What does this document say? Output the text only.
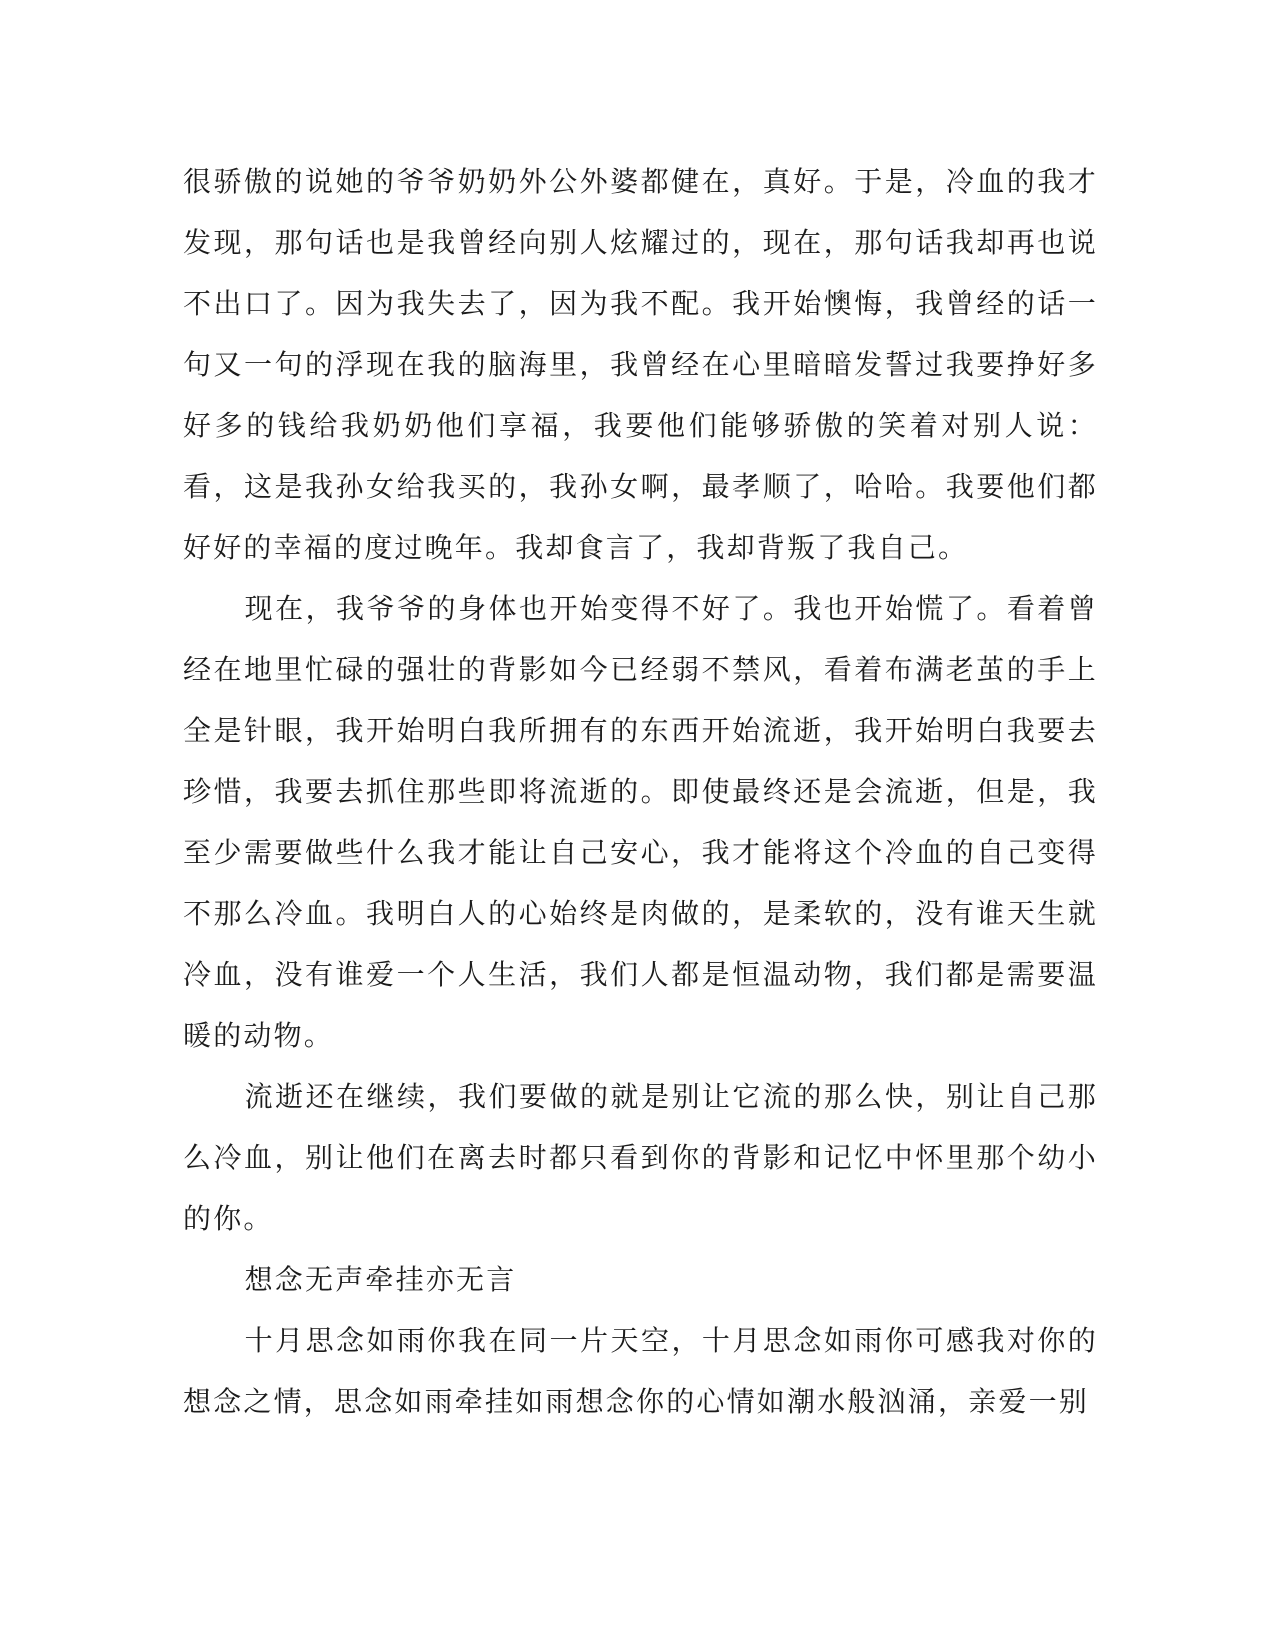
很骄傲的说她的爷爷奶奶外公外婆都健在，真好。于是，冷血的我才发现，那句话也是我曾经向别人炫耀过的，现在，那句话我却再也说不出口了。因为我失去了，因为我不配。我开始懊悔，我曾经的话一句又一句的浮现在我的脑海里，我曾经在心里暗暗发誓过我要挣好多好多的钱给我奶奶他们享福，我要他们能够骄傲的笑着对别人说：看，这是我孙女给我买的，我孙女啊，最孝顺了，哈哈。我要他们都好好的幸福的度过晚年。我却食言了，我却背叛了我自己。

现在，我爷爷的身体也开始变得不好了。我也开始慌了。看着曾经在地里忙碌的强壮的背影如今已经弱不禁风，看着布满老茧的手上全是针眼，我开始明白我所拥有的东西开始流逝，我开始明白我要去珍惜，我要去抓住那些即将流逝的。即使最终还是会流逝，但是，我至少需要做些什么我才能让自己安心，我才能将这个冷血的自己变得不那么冷血。我明白人的心始终是肉做的，是柔软的，没有谁天生就冷血，没有谁爱一个人生活，我们人都是恒温动物，我们都是需要温暖的动物。

流逝还在继续，我们要做的就是别让它流的那么快，别让自己那么冷血，别让他们在离去时都只看到你的背影和记忆中怀里那个幼小的你。

想念无声牵挂亦无言

十月思念如雨你我在同一片天空，十月思念如雨你可感我对你的想念之情，思念如雨牵挂如雨想念你的心情如潮水般汹涌，亲爱一别
